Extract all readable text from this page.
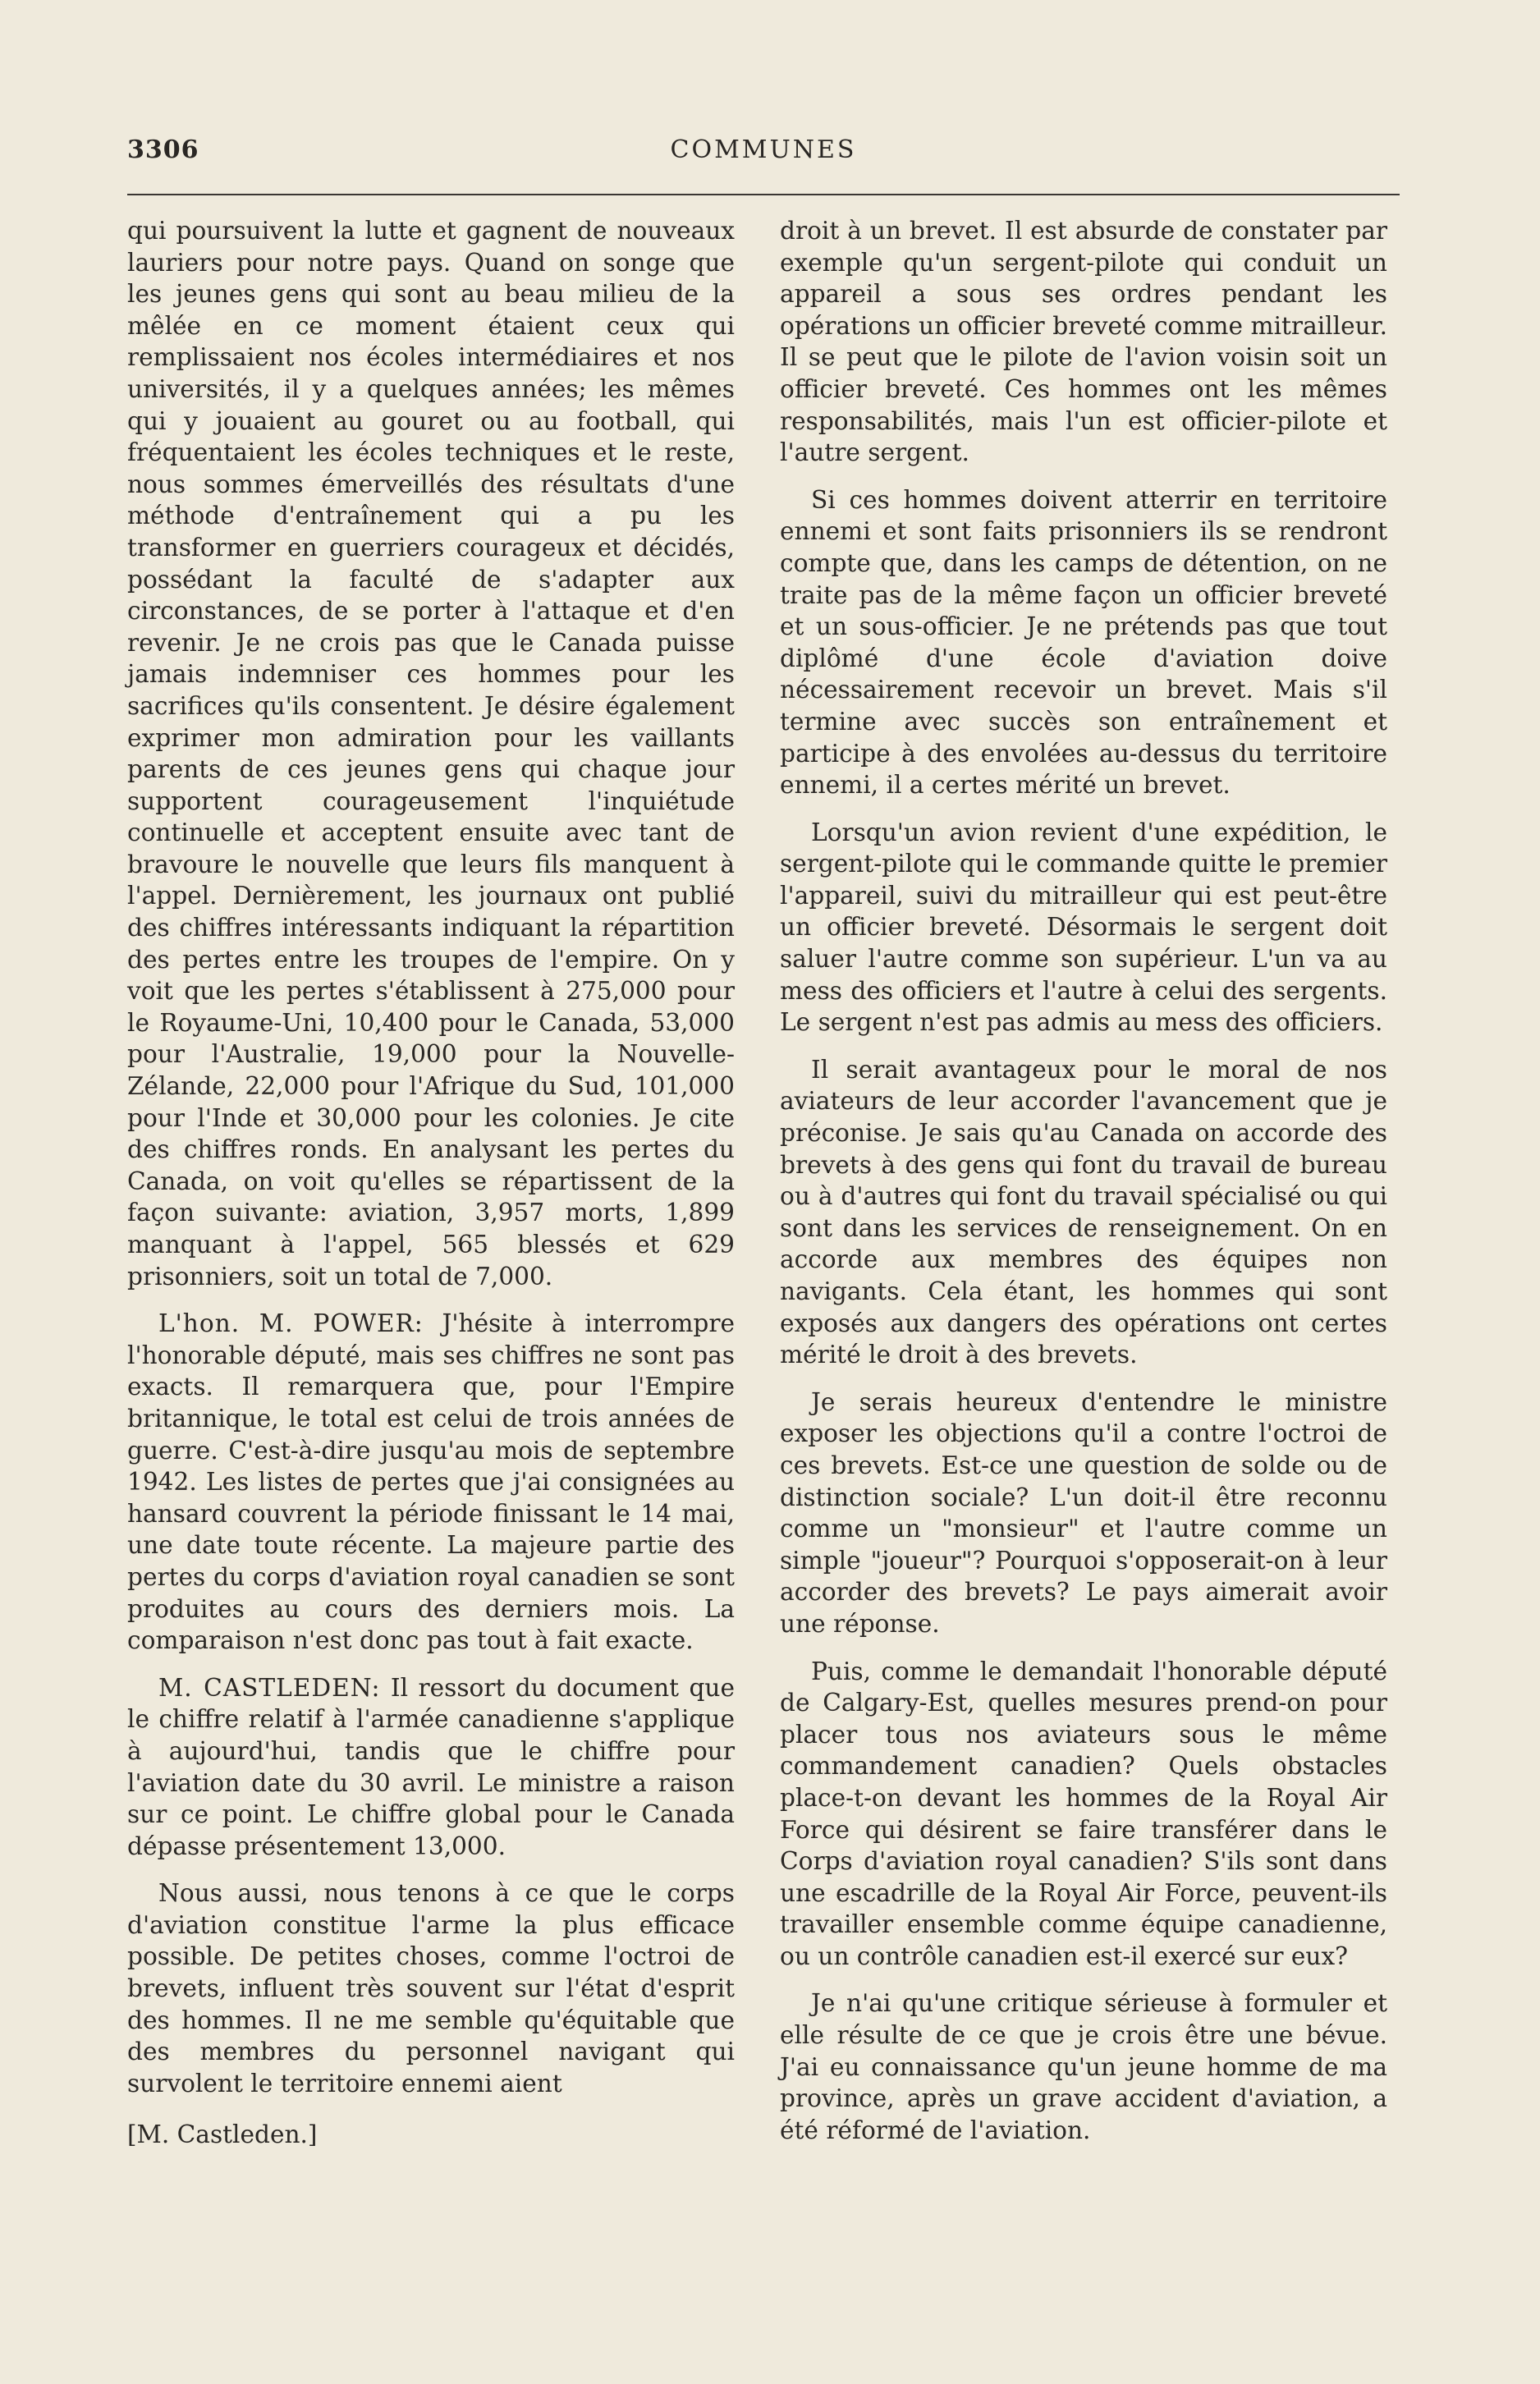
3306	COMMUNES

qui poursuivent la lutte et gagnent de nouveaux lauriers pour notre pays. Quand on songe que les jeunes gens qui sont au beau milieu de la mêlée en ce moment étaient ceux qui remplissaient nos écoles intermédiaires et nos universités, il y a quelques années; les mêmes qui y jouaient au gouret ou au football, qui fréquentaient les écoles techniques et le reste, nous sommes émerveillés des résultats d'une méthode d'entraînement qui a pu les transformer en guerriers courageux et décidés, possédant la faculté de s'adapter aux circonstances, de se porter à l'attaque et d'en revenir. Je ne crois pas que le Canada puisse jamais indemniser ces hommes pour les sacrifices qu'ils consentent. Je désire également exprimer mon admiration pour les vaillants parents de ces jeunes gens qui chaque jour supportent courageusement l'inquiétude continuelle et acceptent ensuite avec tant de bravoure le nouvelle que leurs fils manquent à l'appel. Dernièrement, les journaux ont publié des chiffres intéressants indiquant la répartition des pertes entre les troupes de l'empire. On y voit que les pertes s'établissent à 275,000 pour le Royaume-Uni, 10,400 pour le Canada, 53,000 pour l'Australie, 19,000 pour la Nouvelle-Zélande, 22,000 pour l'Afrique du Sud, 101,000 pour l'Inde et 30,000 pour les colonies. Je cite des chiffres ronds. En analysant les pertes du Canada, on voit qu'elles se répartissent de la façon suivante: aviation, 3,957 morts, 1,899 manquant à l'appel, 565 blessés et 629 prisonniers, soit un total de 7,000.

L'hon. M. POWER: J'hésite à interrompre l'honorable député, mais ses chiffres ne sont pas exacts. Il remarquera que, pour l'Empire britannique, le total est celui de trois années de guerre. C'est-à-dire jusqu'au mois de septembre 1942. Les listes de pertes que j'ai consignées au hansard couvrent la période finissant le 14 mai, une date toute récente. La majeure partie des pertes du corps d'aviation royal canadien se sont produites au cours des derniers mois. La comparaison n'est donc pas tout à fait exacte.

M. CASTLEDEN: Il ressort du document que le chiffre relatif à l'armée canadienne s'applique à aujourd'hui, tandis que le chiffre pour l'aviation date du 30 avril. Le ministre a raison sur ce point. Le chiffre global pour le Canada dépasse présentement 13,000.

Nous aussi, nous tenons à ce que le corps d'aviation constitue l'arme la plus efficace possible. De petites choses, comme l'octroi de brevets, influent très souvent sur l'état d'esprit des hommes. Il ne me semble qu'équitable que des membres du personnel navigant qui survolent le territoire ennemi aient

[M. Castleden.]

droit à un brevet. Il est absurde de constater par exemple qu'un sergent-pilote qui conduit un appareil a sous ses ordres pendant les opérations un officier breveté comme mitrailleur. Il se peut que le pilote de l'avion voisin soit un officier breveté. Ces hommes ont les mêmes responsabilités, mais l'un est officier-pilote et l'autre sergent.

Si ces hommes doivent atterrir en territoire ennemi et sont faits prisonniers ils se rendront compte que, dans les camps de détention, on ne traite pas de la même façon un officier breveté et un sous-officier. Je ne prétends pas que tout diplômé d'une école d'aviation doive nécessairement recevoir un brevet. Mais s'il termine avec succès son entraînement et participe à des envolées au-dessus du territoire ennemi, il a certes mérité un brevet.

Lorsqu'un avion revient d'une expédition, le sergent-pilote qui le commande quitte le premier l'appareil, suivi du mitrailleur qui est peut-être un officier breveté. Désormais le sergent doit saluer l'autre comme son supérieur. L'un va au mess des officiers et l'autre à celui des sergents. Le sergent n'est pas admis au mess des officiers.

Il serait avantageux pour le moral de nos aviateurs de leur accorder l'avancement que je préconise. Je sais qu'au Canada on accorde des brevets à des gens qui font du travail de bureau ou à d'autres qui font du travail spécialisé ou qui sont dans les services de renseignement. On en accorde aux membres des équipes non navigants. Cela étant, les hommes qui sont exposés aux dangers des opérations ont certes mérité le droit à des brevets.

Je serais heureux d'entendre le ministre exposer les objections qu'il a contre l'octroi de ces brevets. Est-ce une question de solde ou de distinction sociale? L'un doit-il être reconnu comme un "monsieur" et l'autre comme un simple "joueur"? Pourquoi s'opposerait-on à leur accorder des brevets? Le pays aimerait avoir une réponse.

Puis, comme le demandait l'honorable député de Calgary-Est, quelles mesures prend-on pour placer tous nos aviateurs sous le même commandement canadien? Quels obstacles place-t-on devant les hommes de la Royal Air Force qui désirent se faire transférer dans le Corps d'aviation royal canadien? S'ils sont dans une escadrille de la Royal Air Force, peuvent-ils travailler ensemble comme équipe canadienne, ou un contrôle canadien est-il exercé sur eux?

Je n'ai qu'une critique sérieuse à formuler et elle résulte de ce que je crois être une bévue. J'ai eu connaissance qu'un jeune homme de ma province, après un grave accident d'aviation, a été réformé de l'aviation.
